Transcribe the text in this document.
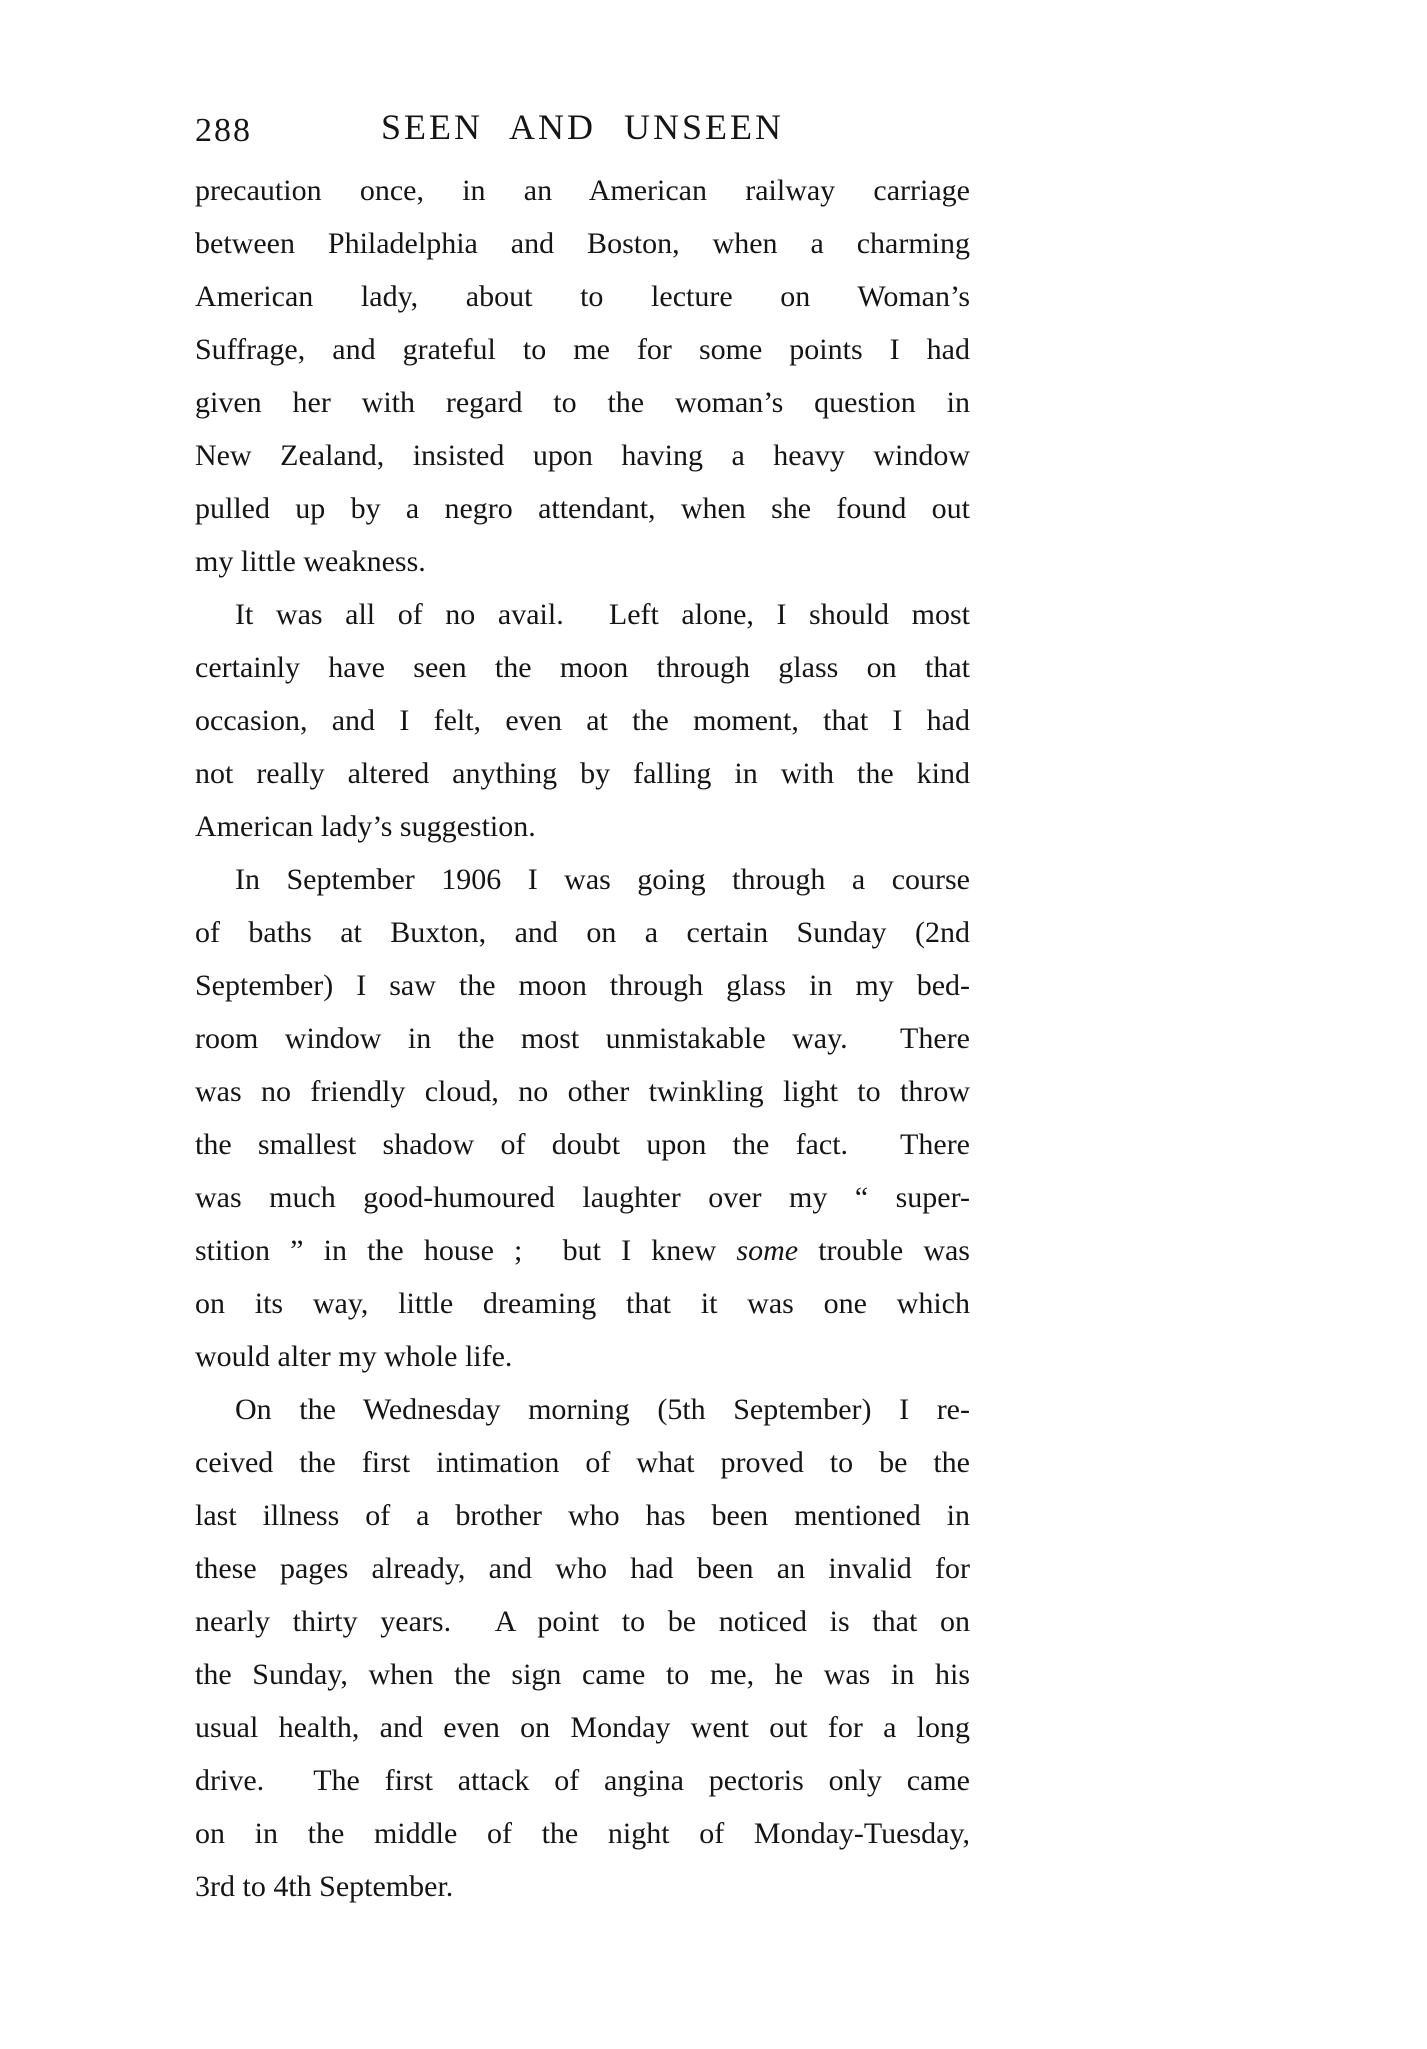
288	SEEN AND UNSEEN
precaution once, in an American railway carriage
between Philadelphia and Boston, when a charming
American lady, about to lecture on Woman’s
Suffrage, and grateful to me for some points I had
given her with regard to the woman’s question in
New Zealand, insisted upon having a heavy window
pulled up by a negro attendant, when she found out
my little weakness.
It was all of no avail.  Left alone, I should most
certainly have seen the moon through glass on that
occasion, and I felt, even at the moment, that I had
not really altered anything by falling in with the kind
American lady’s suggestion.
In September 1906 I was going through a course
of baths at Buxton, and on a certain Sunday (2nd
September) I saw the moon through glass in my bed-
room window in the most unmistakable way.  There
was no friendly cloud, no other twinkling light to throw
the smallest shadow of doubt upon the fact.  There
was much good-humoured laughter over my “ super-
stition ” in the house ;  but I knew some trouble was
on its way, little dreaming that it was one which
would alter my whole life.
On the Wednesday morning (5th September) I re-
ceived the first intimation of what proved to be the
last illness of a brother who has been mentioned in
these pages already, and who had been an invalid for
nearly thirty years.  A point to be noticed is that on
the Sunday, when the sign came to me, he was in his
usual health, and even on Monday went out for a long
drive.  The first attack of angina pectoris only came
on in the middle of the night of Monday-Tuesday,
3rd to 4th September.
